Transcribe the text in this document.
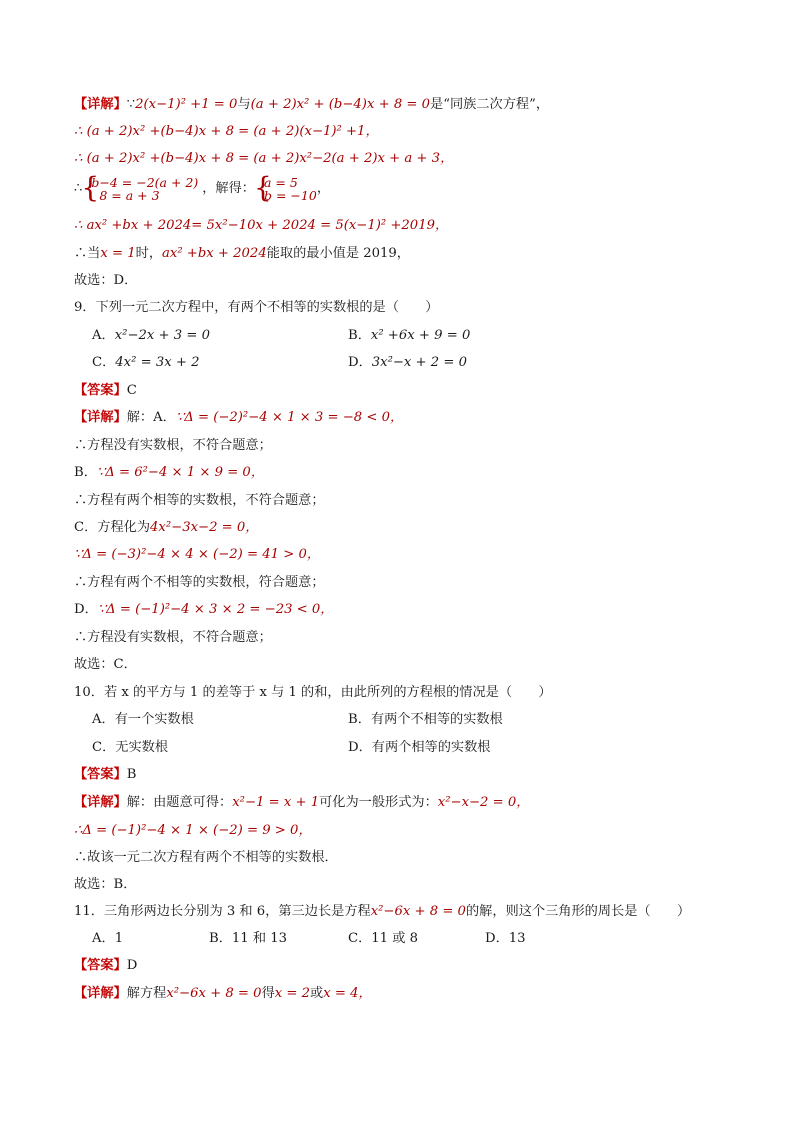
【详解】∵2(x−1)² +1 = 0与(a + 2)x² + (b−4)x + 8 = 0是“同族二次方程”，
∴ (a + 2)x² +(b−4)x + 8 = (a + 2)(x−1)² +1，
∴ (a + 2)x² +(b−4)x + 8 = (a + 2)x²−2(a + 2)x + a + 3，
∴ { b−4 = −2(a + 2)
8 = a + 3	，解得： { a = 5
b = −10 ，
∴ ax² +bx + 2024= 5x²−10x + 2024 = 5(x−1)² +2019，
∴当x = 1时，ax² +bx + 2024能取的最小值是 2019，
故选：D．
9．下列一元二次方程中，有两个不相等的实数根的是（　　）
A．x²−2x + 3 = 0	B．x² +6x + 9 = 0
C．4x² = 3x + 2	D．3x²−x + 2 = 0
【答案】C
【详解】解：A．∵Δ = (−2)²−4 × 1 × 3 = −8 < 0，
∴方程没有实数根，不符合题意；
B．∵Δ = 6²−4 × 1 × 9 = 0，
∴方程有两个相等的实数根，不符合题意；
C．方程化为4x²−3x−2 = 0，
∵Δ = (−3)²−4 × 4 × (−2) = 41 > 0，
∴方程有两个不相等的实数根，符合题意；
D．∵Δ = (−1)²−4 × 3 × 2 = −23 < 0，
∴方程没有实数根，不符合题意；
故选：C．
10．若 x 的平方与 1 的差等于 x 与 1 的和，由此所列的方程根的情况是（　　）
A．有一个实数根	B．有两个不相等的实数根
C．无实数根	D．有两个相等的实数根
【答案】B
【详解】解：由题意可得：x²−1 = x + 1可化为一般形式为：x²−x−2 = 0，
∴Δ = (−1)²−4 × 1 × (−2) = 9 > 0，
∴故该一元二次方程有两个不相等的实数根．
故选：B．
11．三角形两边长分别为 3 和 6，第三边长是方程x²−6x + 8 = 0的解，则这个三角形的周长是（　　）
A．1	B．11 和 13	C．11 或 8	D．13
【答案】D
【详解】解方程x²−6x + 8 = 0得x = 2或x = 4，
